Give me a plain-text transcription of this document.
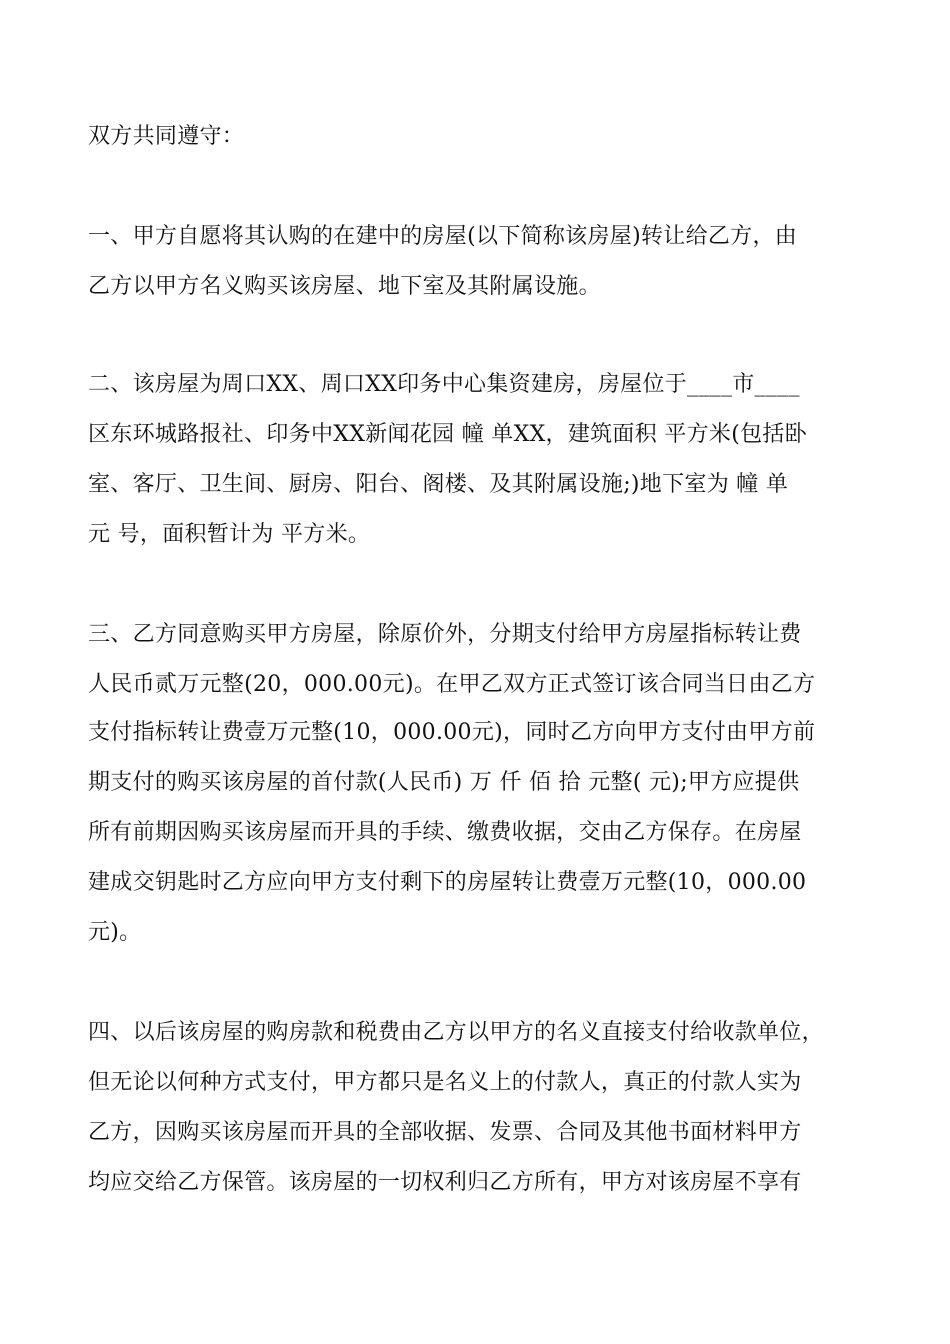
双方共同遵守：
一、甲方自愿将其认购的在建中的房屋(以下简称该房屋)转让给乙方，由
乙方以甲方名义购买该房屋、地下室及其附属设施。
二、该房屋为周口XX、周口XX印务中心集资建房，房屋位于____市____
区东环城路报社、印务中XX新闻花园 幢 单XX，建筑面积 平方米(包括卧
室、客厅、卫生间、厨房、阳台、阁楼、及其附属设施;)地下室为 幢 单
元 号，面积暂计为 平方米。
三、乙方同意购买甲方房屋，除原价外，分期支付给甲方房屋指标转让费
人民币贰万元整(20，000.00元)。在甲乙双方正式签订该合同当日由乙方
支付指标转让费壹万元整(10，000.00元)，同时乙方向甲方支付由甲方前
期支付的购买该房屋的首付款(人民币) 万 仟 佰 拾 元整( 元);甲方应提供
所有前期因购买该房屋而开具的手续、缴费收据，交由乙方保存。在房屋
建成交钥匙时乙方应向甲方支付剩下的房屋转让费壹万元整(10，000.00
元)。
四、以后该房屋的购房款和税费由乙方以甲方的名义直接支付给收款单位，
但无论以何种方式支付，甲方都只是名义上的付款人，真正的付款人实为
乙方，因购买该房屋而开具的全部收据、发票、合同及其他书面材料甲方
均应交给乙方保管。该房屋的一切权利归乙方所有，甲方对该房屋不享有
